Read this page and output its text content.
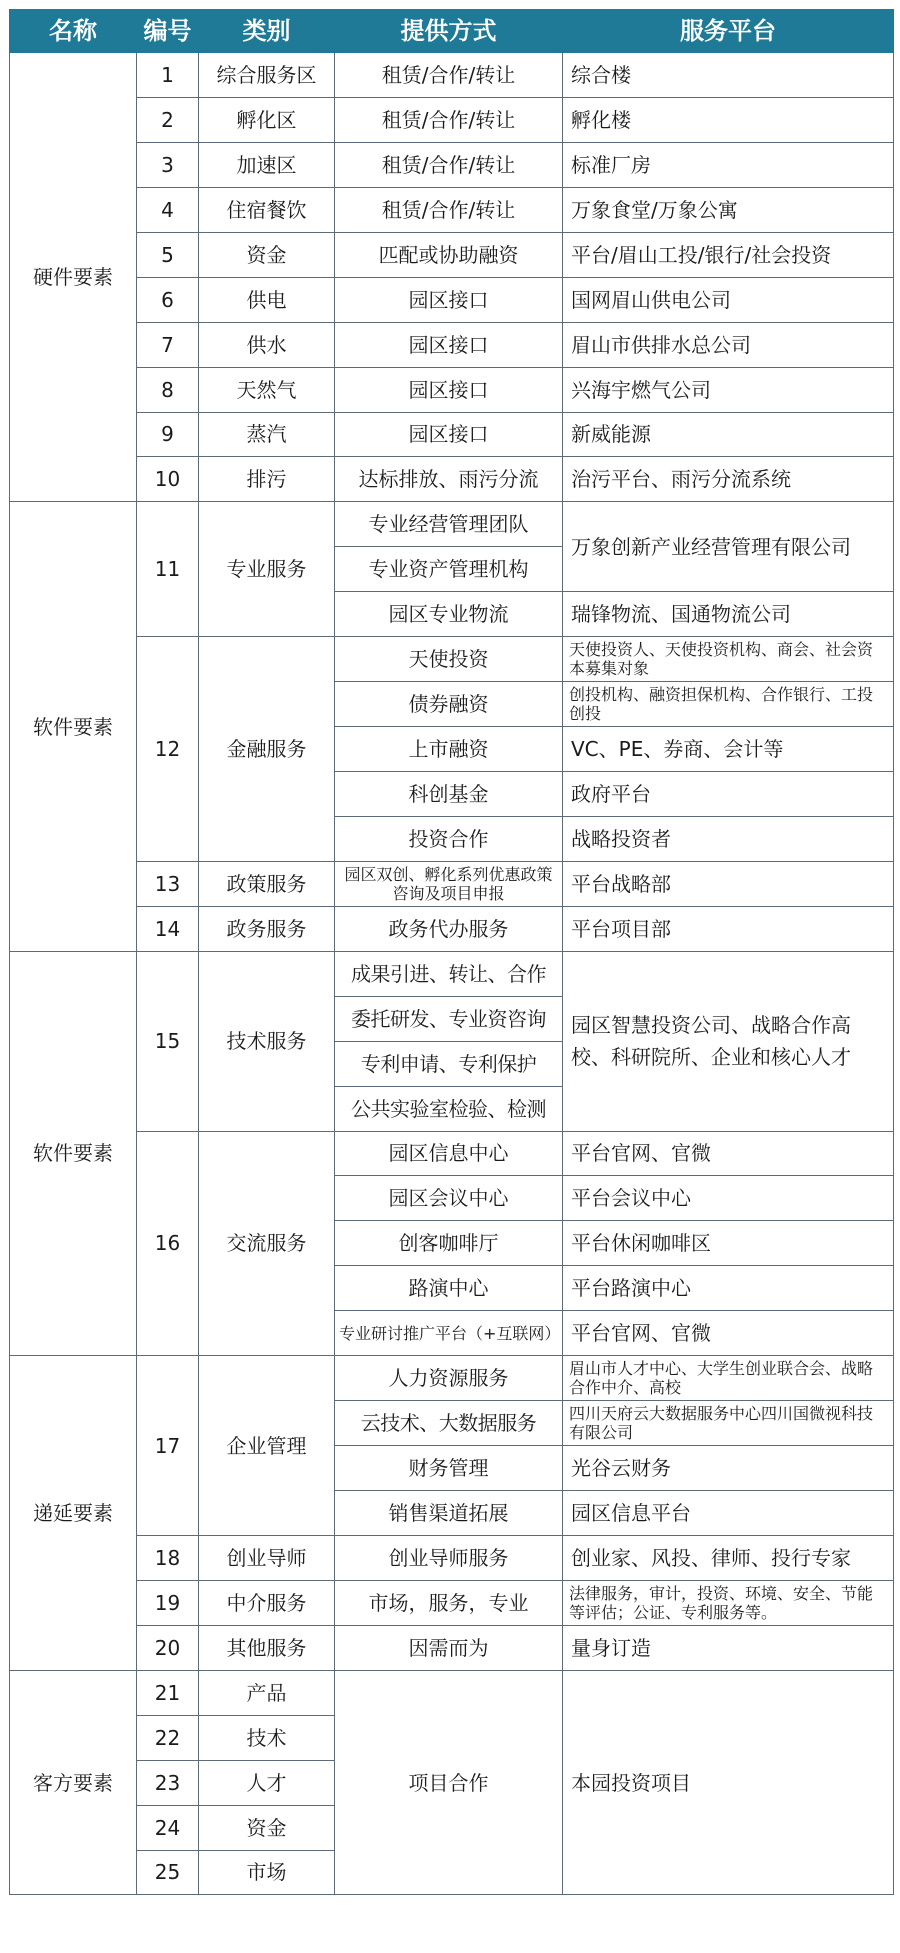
名称	编号	类别	提供方式	服务平台
硬件要素	1	综合服务区	租赁/合作/转让	综合楼
	2	孵化区	租赁/合作/转让	孵化楼
	3	加速区	租赁/合作/转让	标准厂房
	4	住宿餐饮	租赁/合作/转让	万象食堂/万象公寓
	5	资金	匹配或协助融资	平台/眉山工投/银行/社会投资
	6	供电	园区接口	国网眉山供电公司
	7	供水	园区接口	眉山市供排水总公司
	8	天然气	园区接口	兴海宇燃气公司
	9	蒸汽	园区接口	新威能源
	10	排污	达标排放、雨污分流	治污平台、雨污分流系统
软件要素	11	专业服务	专业经营管理团队	万象创新产业经营管理有限公司
			专业资产管理机构	
			园区专业物流	瑞锋物流、国通物流公司
	12	金融服务	天使投资	天使投资人、天使投资机构、商会、社会资本募集对象
			债券融资	创投机构、融资担保机构、合作银行、工投创投
			上市融资	VC、PE、券商、会计等
			科创基金	政府平台
			投资合作	战略投资者
	13	政策服务	园区双创、孵化系列优惠政策咨询及项目申报	平台战略部
	14	政务服务	政务代办服务	平台项目部
软件要素	15	技术服务	成果引进、转让、合作	园区智慧投资公司、战略合作高校、科研院所、企业和核心人才
			委托研发、专业资咨询	
			专利申请、专利保护	
			公共实验室检验、检测	
	16	交流服务	园区信息中心	平台官网、官微
			园区会议中心	平台会议中心
			创客咖啡厅	平台休闲咖啡区
			路演中心	平台路演中心
			专业研讨推广平台（+互联网）	平台官网、官微
递延要素	17	企业管理	人力资源服务	眉山市人才中心、大学生创业联合会、战略合作中介、高校
			云技术、大数据服务	四川天府云大数据服务中心四川国微视科技有限公司
			财务管理	光谷云财务
			销售渠道拓展	园区信息平台
	18	创业导师	创业导师服务	创业家、风投、律师、投行专家
	19	中介服务	市场，服务，专业	法律服务，审计，投资、环境、安全、节能等评估；公证、专利服务等。
	20	其他服务	因需而为	量身订造
客方要素	21	产品	项目合作	本园投资项目
	22	技术		
	23	人才		
	24	资金		
	25	市场		
